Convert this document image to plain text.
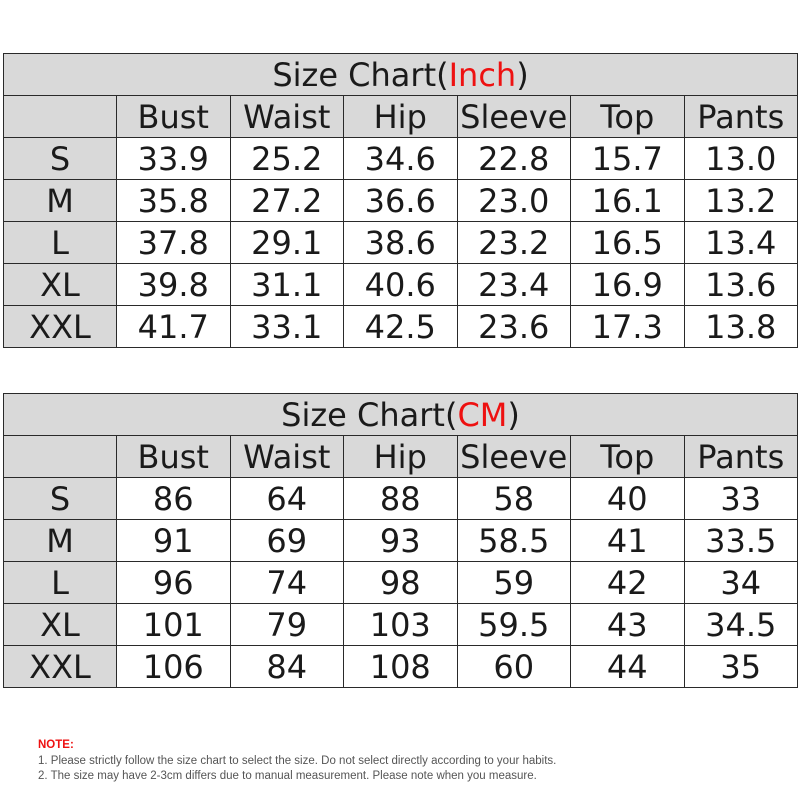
Size Chart(Inch)						
	Bust	Waist	Hip	Sleeve	Top	Pants
S	33.9	25.2	34.6	22.8	15.7	13.0
M	35.8	27.2	36.6	23.0	16.1	13.2
L	37.8	29.1	38.6	23.2	16.5	13.4
XL	39.8	31.1	40.6	23.4	16.9	13.6
XXL	41.7	33.1	42.5	23.6	17.3	13.8
Size Chart(CM)						
	Bust	Waist	Hip	Sleeve	Top	Pants
S	86	64	88	58	40	33
M	91	69	93	58.5	41	33.5
L	96	74	98	59	42	34
XL	101	79	103	59.5	43	34.5
XXL	106	84	108	60	44	35
NOTE:
1. Please strictly follow the size chart to select the size. Do not select directly according to your habits.
2. The size may have 2-3cm differs due to manual measurement. Please note when you measure.
